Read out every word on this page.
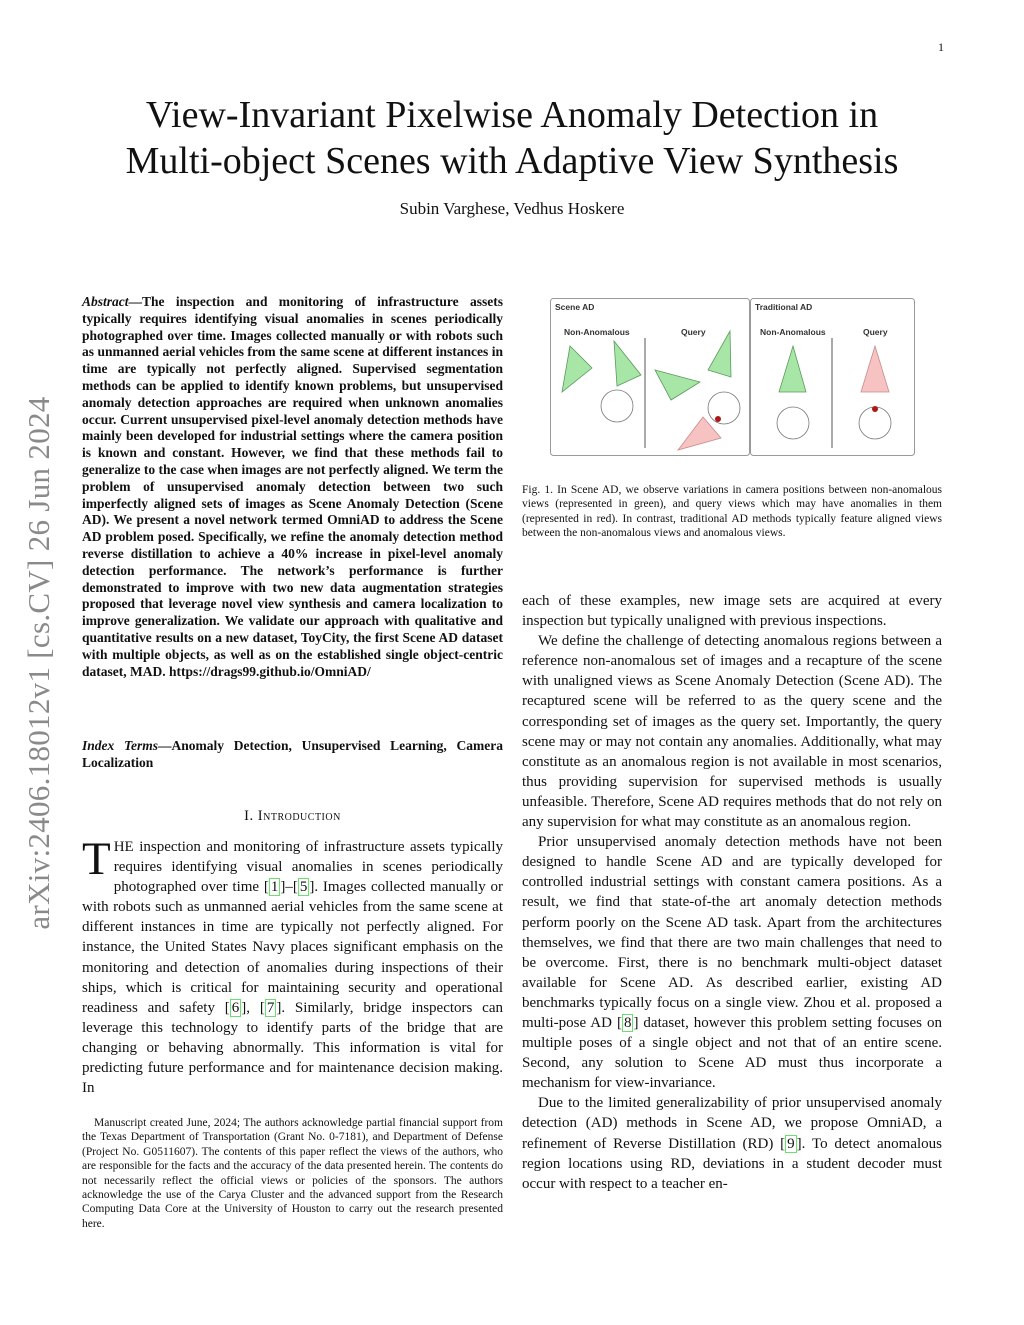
1
View-Invariant Pixelwise Anomaly Detection in
Multi-object Scenes with Adaptive View Synthesis
Subin Varghese, Vedhus Hoskere
arXiv:2406.18012v1 [cs.CV] 26 Jun 2024
Abstract—The inspection and monitoring of infrastructure assets typically requires identifying visual anomalies in scenes periodically photographed over time. Images collected manually or with robots such as unmanned aerial vehicles from the same scene at different instances in time are typically not perfectly aligned. Supervised segmentation methods can be applied to identify known problems, but unsupervised anomaly detection approaches are required when unknown anomalies occur. Current unsupervised pixel-level anomaly detection methods have mainly been developed for industrial settings where the camera position is known and constant. However, we find that these methods fail to generalize to the case when images are not perfectly aligned. We term the problem of unsupervised anomaly detection between two such imperfectly aligned sets of images as Scene Anomaly Detection (Scene AD). We present a novel network termed OmniAD to address the Scene AD problem posed. Specifically, we refine the anomaly detection method reverse distillation to achieve a 40% increase in pixel-level anomaly detection performance. The network’s performance is further demonstrated to improve with two new data augmentation strategies proposed that leverage novel view synthesis and camera localization to improve generalization. We validate our approach with qualitative and quantitative results on a new dataset, ToyCity, the first Scene AD dataset with multiple objects, as well as on the established single object-centric dataset, MAD. https://drags99.github.io/OmniAD/
Index Terms—Anomaly Detection, Unsupervised Learning, Camera Localization
I. Introduction
THE inspection and monitoring of infrastructure assets typically requires identifying visual anomalies in scenes periodically photographed over time [ 1 ]–[ 5 ]. Images collected manually or with robots such as unmanned aerial vehicles from the same scene at different instances in time are typically not perfectly aligned. For instance, the United States Navy places significant emphasis on the monitoring and detection of anomalies during inspections of their ships, which is critical for maintaining security and operational readiness and safety [ 6 ], [ 7 ]. Similarly, bridge inspectors can leverage this technology to identify parts of the bridge that are changing or behaving abnormally. This information is vital for predicting future performance and for maintenance decision making. In

Manuscript created June, 2024; The authors acknowledge partial financial support from the Texas Department of Transportation (Grant No. 0-7181), and Department of Defense (Project No. G0511607). The contents of this paper reflect the views of the authors, who are responsible for the facts and the accuracy of the data presented herein. The contents do not necessarily reflect the official views or policies of the sponsors. The authors acknowledge the use of the Carya Cluster and the advanced support from the Research Computing Data Core at the University of Houston to carry out the research presented here.

Scene AD	Traditional AD
Non-Anomalous	Query	Non-Anomalous	Query
Fig. 1. In Scene AD, we observe variations in camera positions between non-anomalous views (represented in green), and query views which may have anomalies in them (represented in red). In contrast, traditional AD methods typically feature aligned views between the non-anomalous views and anomalous views.

each of these examples, new image sets are acquired at every inspection but typically unaligned with previous inspections.

We define the challenge of detecting anomalous regions between a reference non-anomalous set of images and a recapture of the scene with unaligned views as Scene Anomaly Detection (Scene AD). The recaptured scene will be referred to as the query scene and the corresponding set of images as the query set. Importantly, the query scene may or may not contain any anomalies. Additionally, what may constitute as an anomalous region is not available in most scenarios, thus providing supervision for supervised methods is usually unfeasible. Therefore, Scene AD requires methods that do not rely on any supervision for what may constitute as an anomalous region.

Prior unsupervised anomaly detection methods have not been designed to handle Scene AD and are typically developed for controlled industrial settings with constant camera positions. As a result, we find that state-of-the art anomaly detection methods perform poorly on the Scene AD task. Apart from the architectures themselves, we find that there are two main challenges that need to be overcome. First, there is no benchmark multi-object dataset available for Scene AD. As described earlier, existing AD benchmarks typically focus on a single view. Zhou et al. proposed a multi-pose AD [ 8 ] dataset, however this problem setting focuses on multiple poses of a single object and not that of an entire scene. Second, any solution to Scene AD must thus incorporate a mechanism for view-invariance.

Due to the limited generalizability of prior unsupervised anomaly detection (AD) methods in Scene AD, we propose OmniAD, a refinement of Reverse Distillation (RD) [ 9 ]. To detect anomalous region locations using RD, deviations in a student decoder must occur with respect to a teacher en-
